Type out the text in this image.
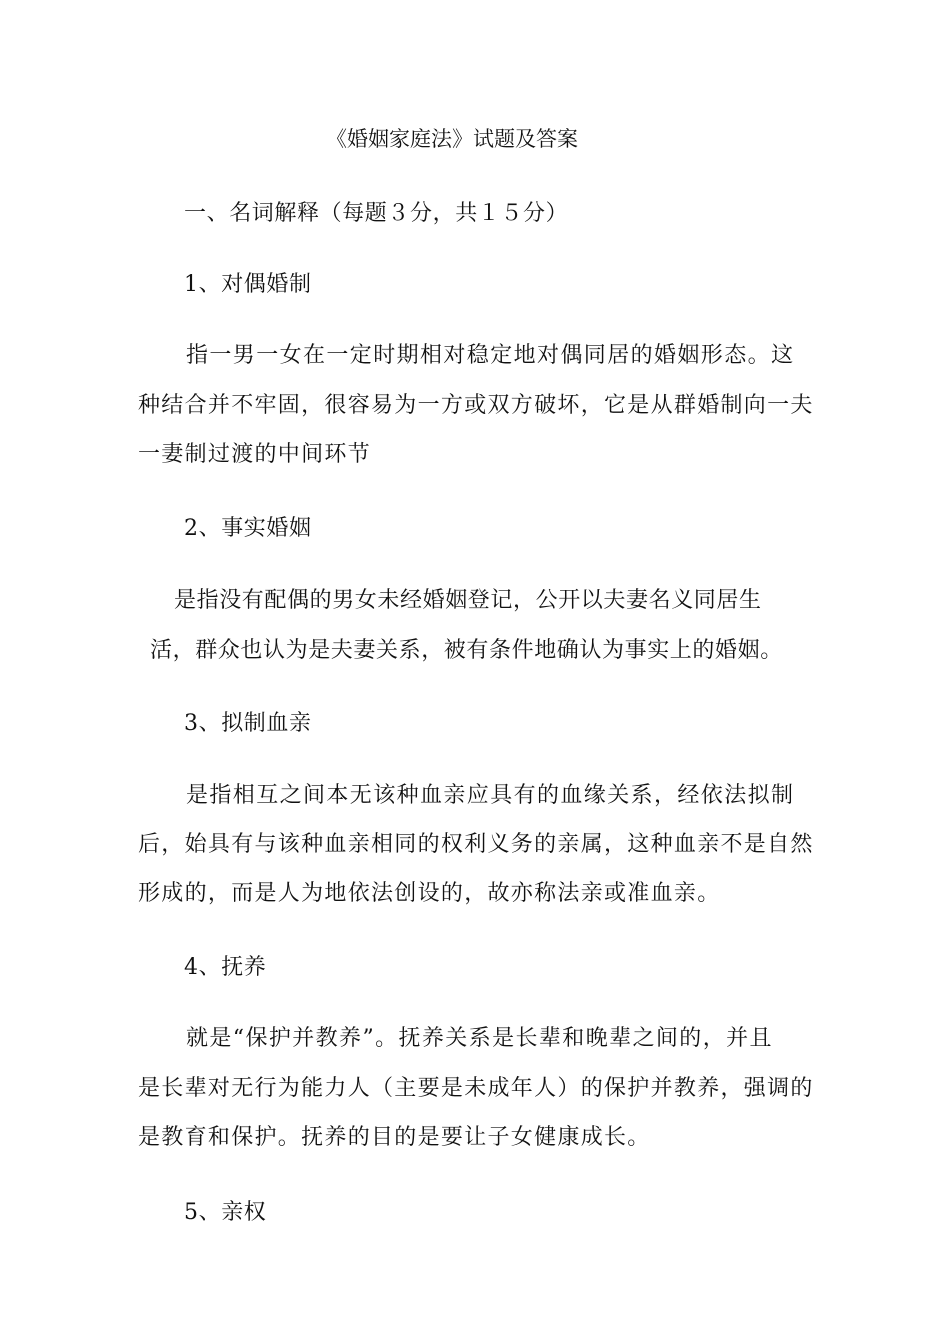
《婚姻家庭法》试题及答案
一、名词解释（每题３分，共１５分）
1、对偶婚制
指一男一女在一定时期相对稳定地对偶同居的婚姻形态。这
种结合并不牢固，很容易为一方或双方破坏，它是从群婚制向一夫
一妻制过渡的中间环节
2、事实婚姻
是指没有配偶的男女未经婚姻登记，公开以夫妻名义同居生
活，群众也认为是夫妻关系，被有条件地确认为事实上的婚姻。
3、拟制血亲
是指相互之间本无该种血亲应具有的血缘关系，经依法拟制
后，始具有与该种血亲相同的权利义务的亲属，这种血亲不是自然
形成的，而是人为地依法创设的，故亦称法亲或准血亲。
4、抚养
就是“保护并教养”。抚养关系是长辈和晚辈之间的，并且
是长辈对无行为能力人（主要是未成年人）的保护并教养，强调的
是教育和保护。抚养的目的是要让子女健康成长。
5、亲权
